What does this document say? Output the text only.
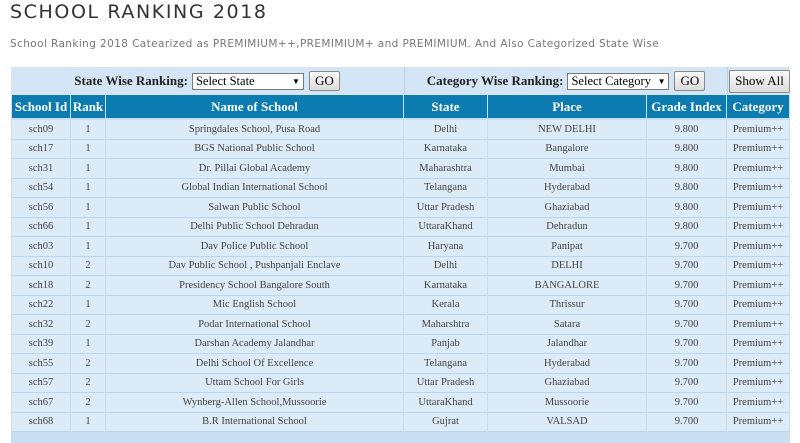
SCHOOL RANKING 2018
School Ranking 2018 Catearized as PREMIMIUM++,PREMIMIUM+ and PREMIMIUM. And Also Categorized State Wise
State Wise Ranking: Select State	▼	GO	Category Wise Ranking: Select Category ▼	GO	Show All
School Id	Rank	Name of School	State	Place	Grade Index	Category
sch09	1	Springdales School, Pusa Road	Delhi	NEW DELHI	9.800	Premium++
sch17	1	BGS National Public School	Karnataka	Bangalore	9.800	Premium++
sch31	1	Dr. Pillai Global Academy	Maharashtra	Mumbai	9.800	Premium++
sch54	1	Global Indian International School	Telangana	Hyderabad	9.800	Premium++
sch56	1	Salwan Public School	Uttar Pradesh	Ghaziabad	9.800	Premium++
sch66	1	Delhi Public School Dehradun	UttaraKhand	Dehradun	9.800	Premium++
sch03	1	Dav Police Public School	Haryana	Panipat	9.700	Premium++
sch10	2	Dav Public School , Pushpanjali Enclave	Delhi	DELHI	9.700	Premium++
sch18	2	Presidency School Bangalore South	Karnataka	BANGALORE	9.700	Premium++
sch22	1	Mic English School	Kerala	Thrissur	9.700	Premium++
sch32	2	Podar International School	Maharshtra	Satara	9.700	Premium++
sch39	1	Darshan Academy Jalandhar	Panjab	Jalandhar	9.700	Premium++
sch55	2	Delhi School Of Excellence	Telangana	Hyderabad	9.700	Premium++
sch57	2	Uttam School For Girls	Uttar Pradesh	Ghaziabad	9.700	Premium++
sch67	2	Wynberg-Allen School,Mussoorie	UttaraKhand	Mussoorie	9.700	Premium++
sch68	1	B.R International School	Gujrat	VALSAD	9.700	Premium++
